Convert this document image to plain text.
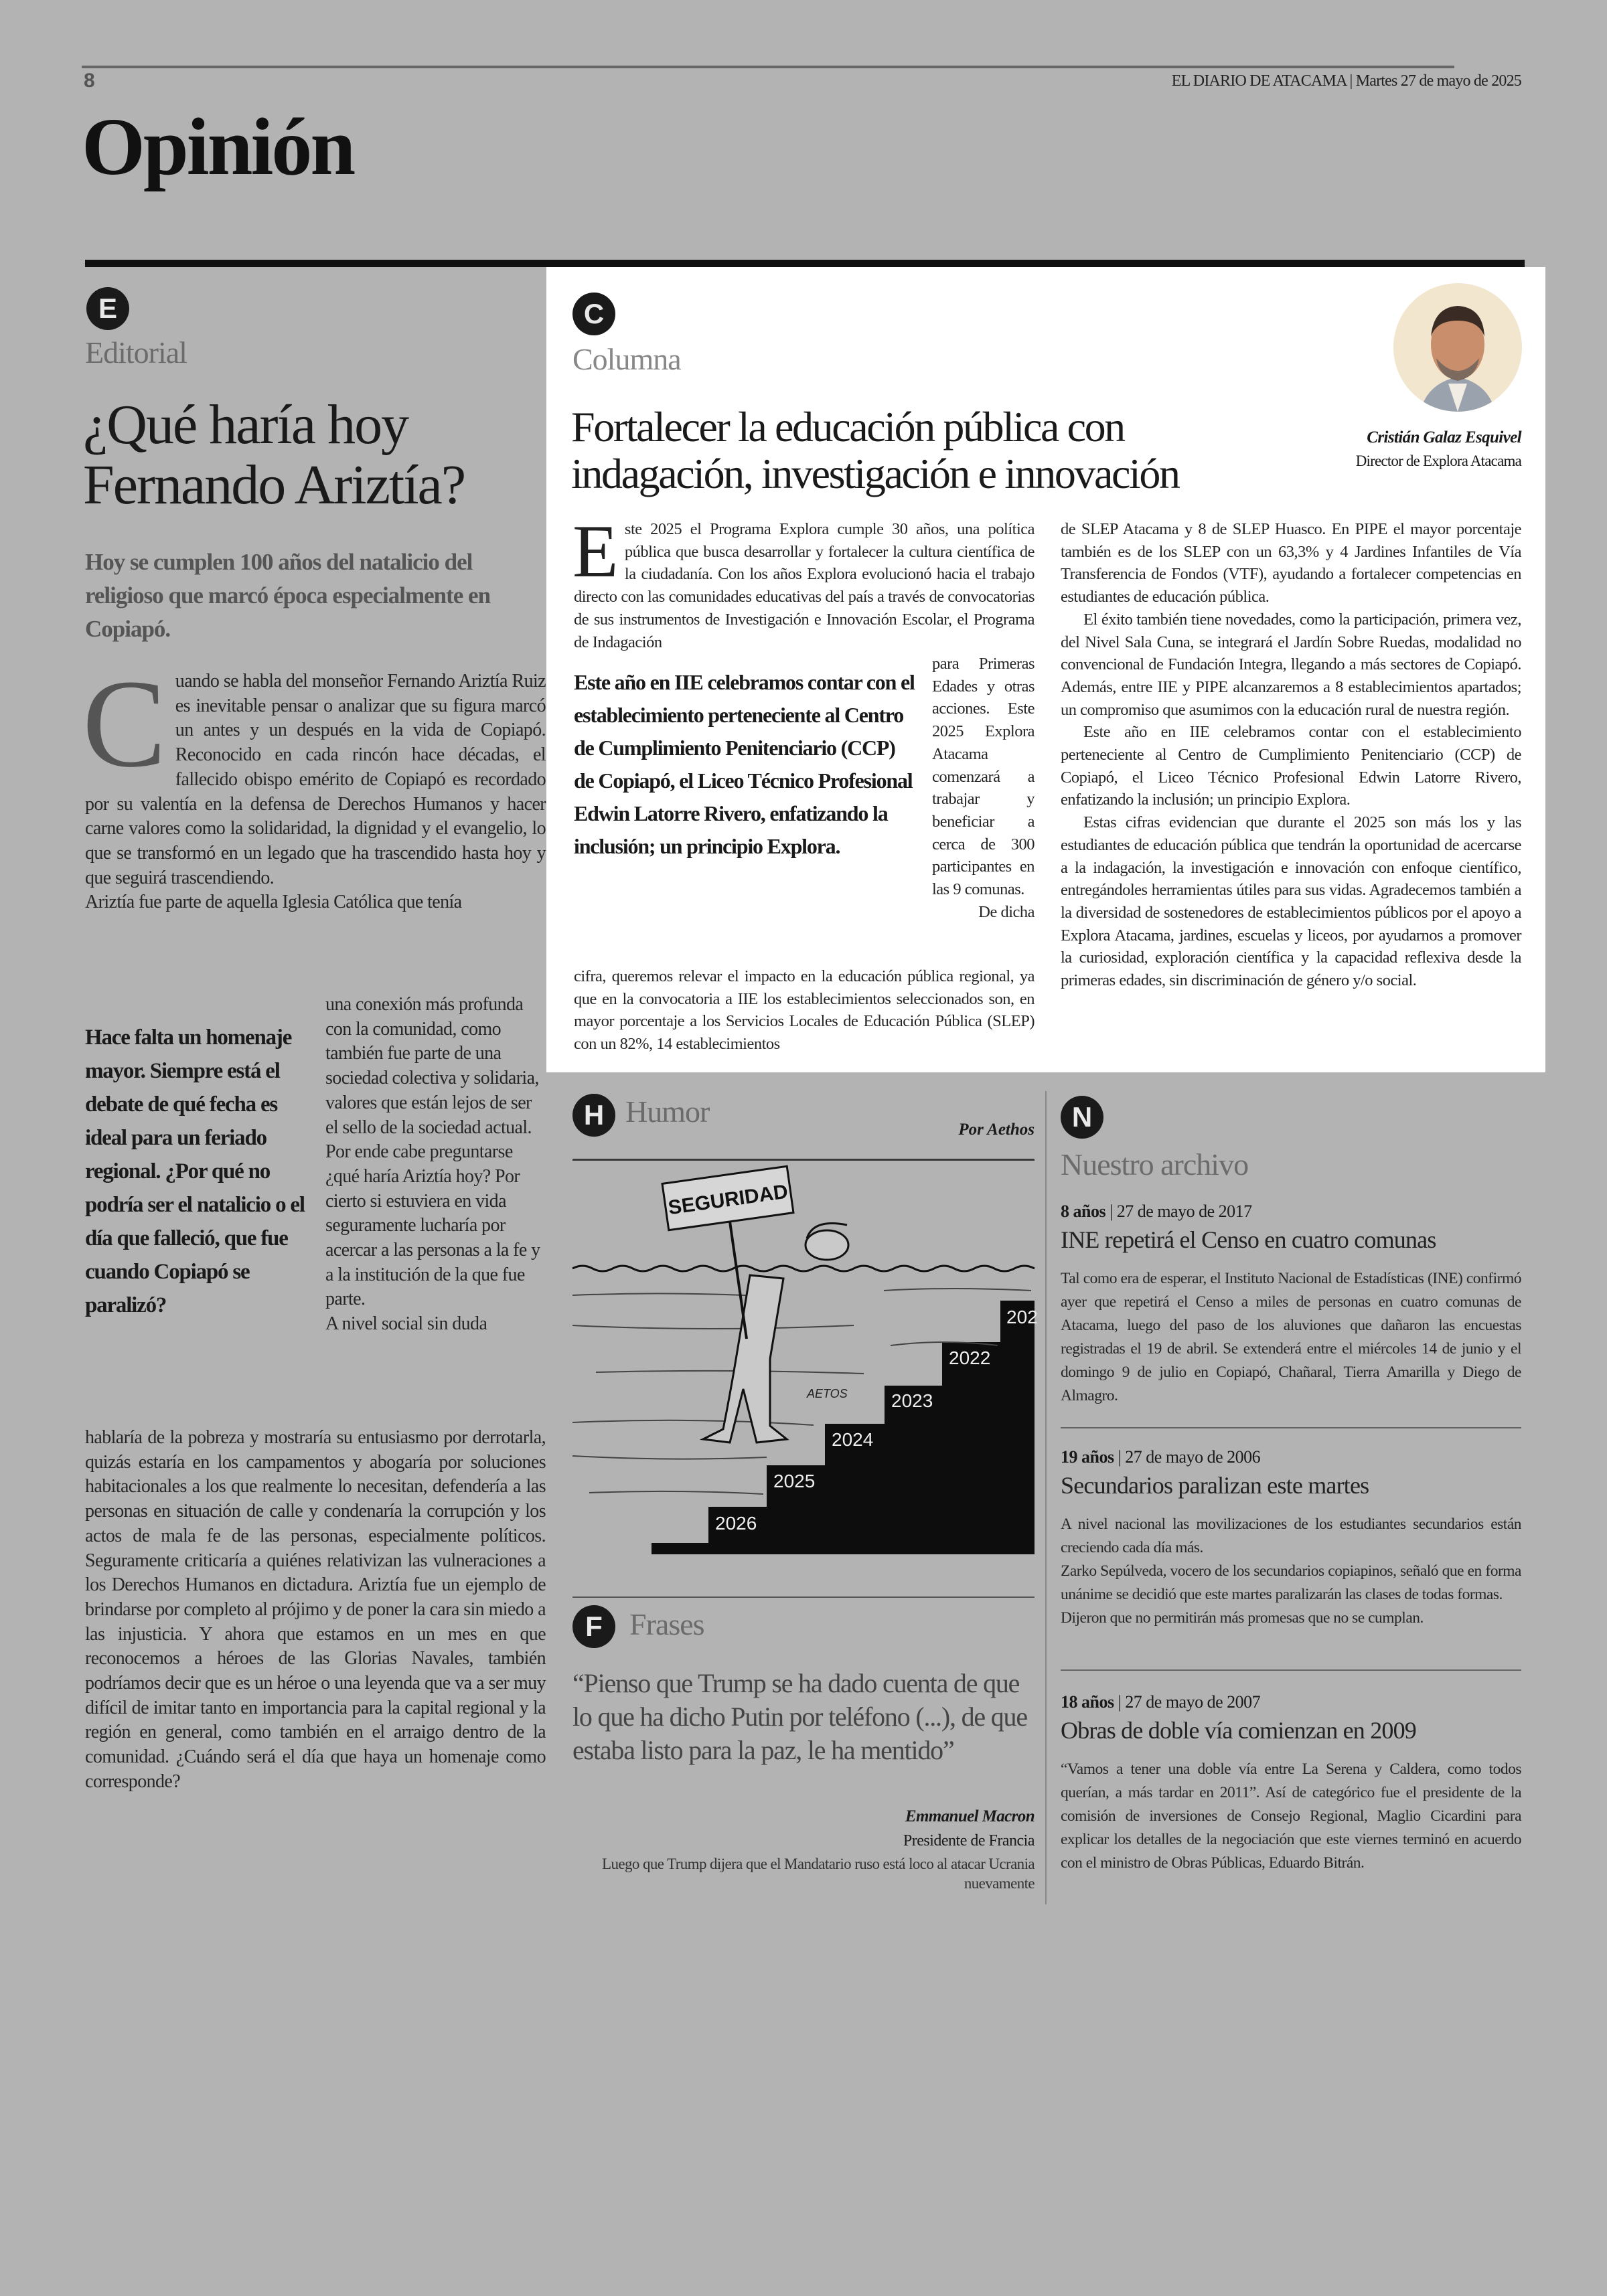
8	EL DIARIO DE ATACAMA | Martes 27 de mayo de 2025
Opinión
E
Editorial
¿Qué haría hoy
Fernando Ariztía?
Hoy se cumplen 100 años del natalicio del religioso que marcó época especialmente en Copiapó.
C uando se habla del monseñor Fernando Ariztía Ruiz es inevitable pensar o analizar que su figura marcó un antes y un después en la vida de Copiapó. Reconocido en cada rincón hace décadas, el fallecido obispo emérito de Copiapó es recordado por su valentía en la defensa de Derechos Humanos y hacer carne valores como la solidaridad, la dignidad y el evangelio, lo que se transformó en un legado que ha trascendido hasta hoy y que seguirá trascendiendo.
Ariztía fue parte de aquella Iglesia Católica que tenía
Hace falta un homenaje mayor. Siempre está el debate de qué fecha es ideal para un feriado regional. ¿Por qué no podría ser el natalicio o el día que falleció, que fue cuando Copiapó se paralizó?
una conexión más profunda con la comunidad, como también fue parte de una sociedad colectiva y solidaria, valores que están lejos de ser el sello de la sociedad actual.
Por ende cabe preguntarse ¿qué haría Ariztía hoy? Por cierto si estuviera en vida seguramente lucharía por acercar a las personas a la fe y a la institución de la que fue parte.
A nivel social sin duda
hablaría de la pobreza y mostraría su entusiasmo por derrotarla, quizás estaría en los campamentos y abogaría por soluciones habitacionales a los que realmente lo necesitan, defendería a las personas en situación de calle y condenaría la corrupción y los actos de mala fe de las personas, especialmente políticos. Seguramente criticaría a quiénes relativizan las vulneraciones a los Derechos Humanos en dictadura. Ariztía fue un ejemplo de brindarse por completo al prójimo y de poner la cara sin miedo a las injusticia. Y ahora que estamos en un mes en que reconocemos a héroes de las Glorias Navales, también podríamos decir que es un héroe o una leyenda que va a ser muy difícil de imitar tanto en importancia para la capital regional y la región en general, como también en el arraigo dentro de la comunidad. ¿Cuándo será el día que haya un homenaje como corresponde?
C
Columna
Fortalecer la educación pública con
indagación, investigación e innovación
Cristián Galaz Esquivel
Director de Explora Atacama
E ste 2025 el Programa Explora cumple 30 años, una política pública que busca desarrollar y fortalecer la cultura científica de la ciudadanía. Con los años Explora evolucionó hacia el trabajo directo con las comunidades educativas del país a través de convocatorias de sus instrumentos de Investigación e Innovación Escolar, el Programa de Indagación
Este año en IIE celebramos contar con el establecimiento perteneciente al Centro de Cumplimiento Penitenciario (CCP) de Copiapó, el Liceo Técnico Profesional Edwin Latorre Rivero, enfatizando la inclusión; un principio Explora.

para Primeras Edades y otras acciones. Este 2025 Explora Atacama comenzará a trabajar y beneficiar a cerca de 300 participantes en las 9 comunas.

De dicha

cifra, queremos relevar el impacto en la educación pública regional, ya que en la convocatoria a IIE los establecimientos seleccionados son, en mayor porcentaje a los Servicios Locales de Educación Pública (SLEP) con un 82%, 14 establecimientos

de SLEP Atacama y 8 de SLEP Huasco. En PIPE el mayor porcentaje también es de los SLEP con un 63,3% y 4 Jardines Infantiles de Vía Transferencia de Fondos (VTF), ayudando a fortalecer competencias en estudiantes de educación pública.

El éxito también tiene novedades, como la participación, primera vez, del Nivel Sala Cuna, se integrará el Jardín Sobre Ruedas, modalidad no convencional de Fundación Integra, llegando a más sectores de Copiapó. Además, entre IIE y PIPE alcanzaremos a 8 establecimientos apartados; un compromiso que asumimos con la educación rural de nuestra región.

Este año en IIE celebramos contar con el establecimiento perteneciente al Centro de Cumplimiento Penitenciario (CCP) de Copiapó, el Liceo Técnico Profesional Edwin Latorre Rivero, enfatizando la inclusión; un principio Explora.

Estas cifras evidencian que durante el 2025 son más los y las estudiantes de educación pública que tendrán la oportunidad de acercarse a la indagación, la investigación e innovación con enfoque científico, entregándoles herramientas útiles para sus vidas. Agradecemos también a la diversidad de sostenedores de establecimientos públicos por el apoyo a Explora Atacama, jardines, escuelas y liceos, por ayudarnos a promover la curiosidad, exploración científica y la capacidad reflexiva desde la primeras edades, sin discriminación de género y/o social.

H Humor
Por Aethos
2026
2025
2024
2023
2022
202
SEGURIDAD
AETOS
F Frases
“Pienso que Trump se ha dado cuenta de que lo que ha dicho Putin por teléfono (...), de que estaba listo para la paz, le ha mentido”
Emmanuel Macron
Presidente de Francia
Luego que Trump dijera que el Mandatario ruso está loco al atacar Ucrania nuevamente
N
Nuestro archivo
8 años | 27 de mayo de 2017
INE repetirá el Censo en cuatro comunas

Tal como era de esperar, el Instituto Nacional de Estadísticas (INE) confirmó ayer que repetirá el Censo a miles de personas en cuatro comunas de Atacama, luego del paso de los aluviones que dañaron las encuestas registradas el 19 de abril. Se extenderá entre el miércoles 14 de junio y el domingo 9 de julio en Copiapó, Chañaral, Tierra Amarilla y Diego de Almagro.

19 años | 27 de mayo de 2006
Secundarios paralizan este martes

A nivel nacional las movilizaciones de los estudiantes secundarios están creciendo cada día más.

Zarko Sepúlveda, vocero de los secundarios copiapinos, señaló que en forma unánime se decidió que este martes paralizarán las clases de todas formas.

Dijeron que no permitirán más promesas que no se cumplan.

18 años | 27 de mayo de 2007
Obras de doble vía comienzan en 2009

“Vamos a tener una doble vía entre La Serena y Caldera, como todos querían, a más tardar en 2011”. Así de categórico fue el presidente de la comisión de inversiones de Consejo Regional, Maglio Cicardini para explicar los detalles de la negociación que este viernes terminó en acuerdo con el ministro de Obras Públicas, Eduardo Bitrán.
